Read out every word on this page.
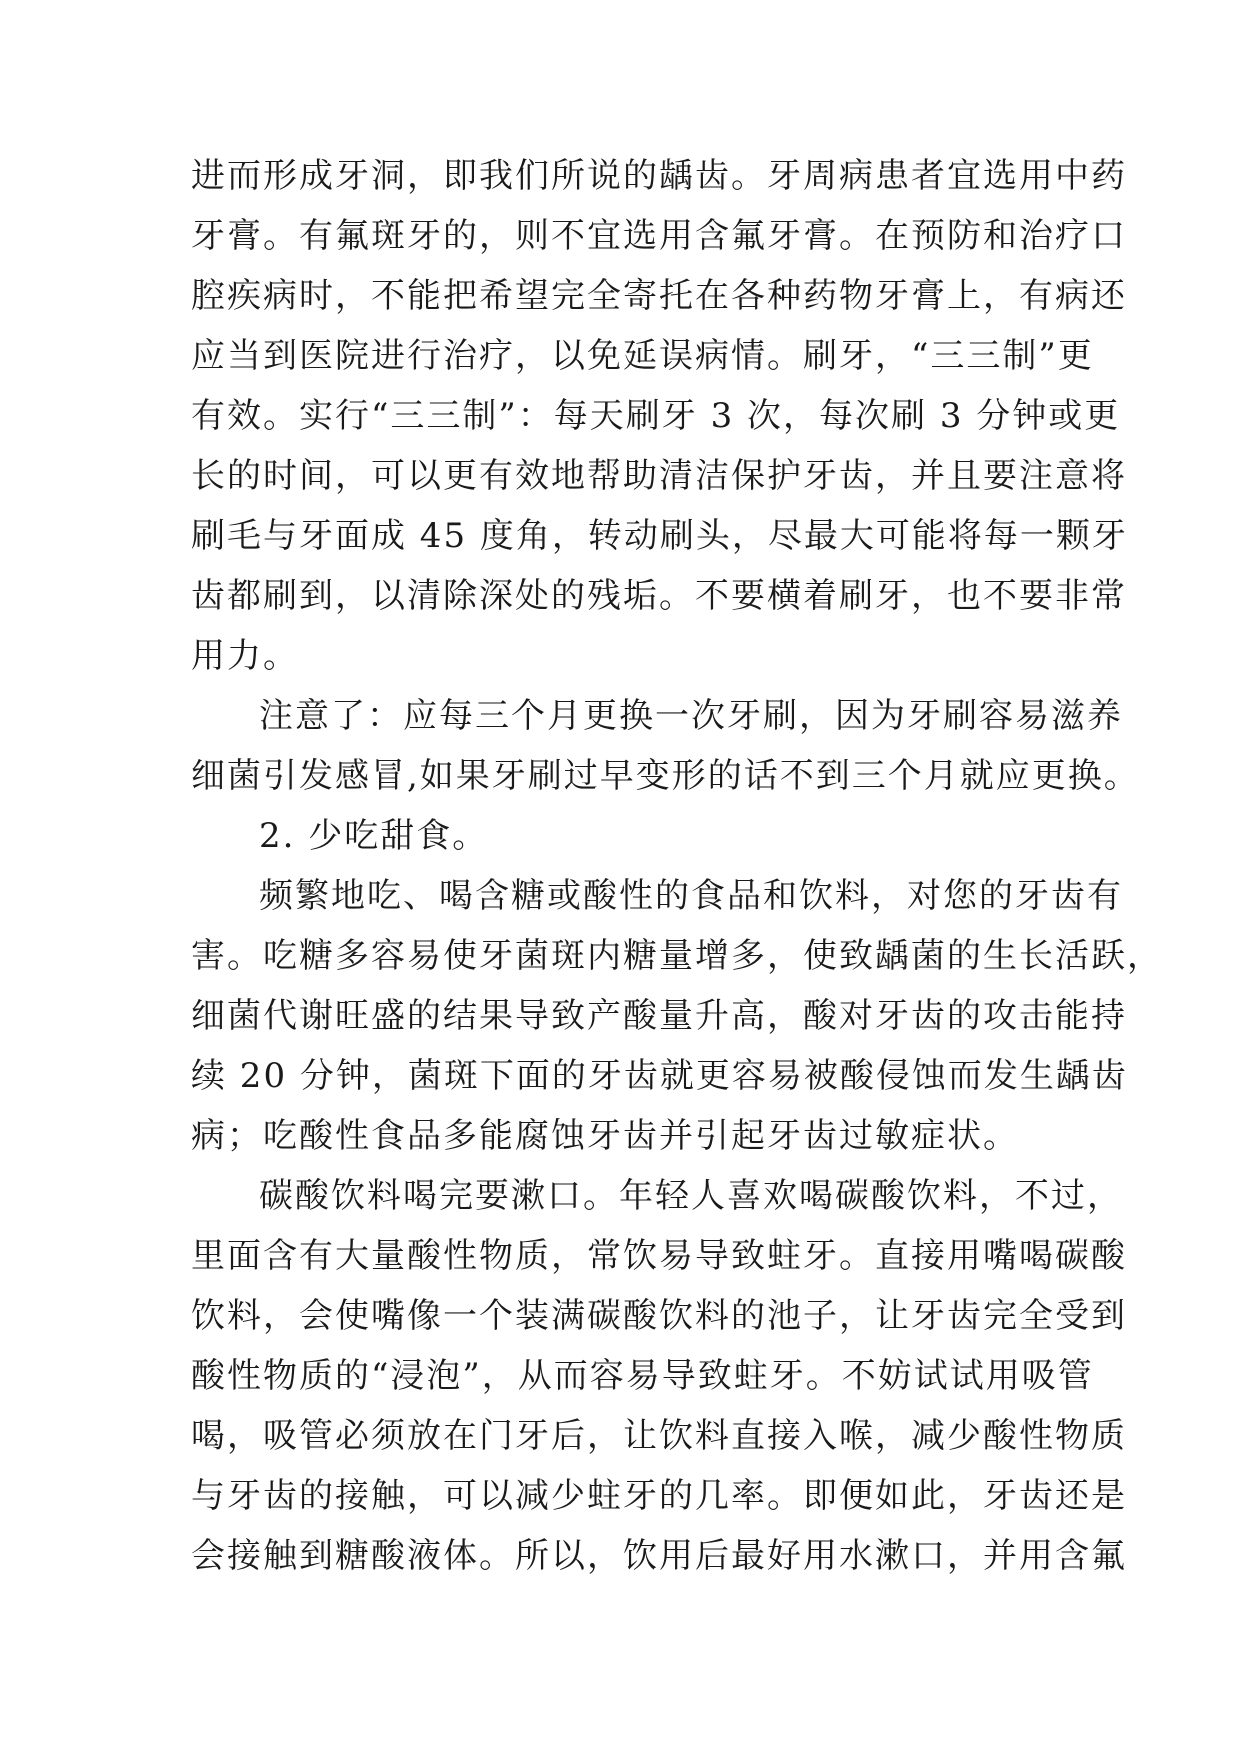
进而形成牙洞，即我们所说的龋齿。牙周病患者宜选用中药
牙膏。有氟斑牙的，则不宜选用含氟牙膏。在预防和治疗口
腔疾病时，不能把希望完全寄托在各种药物牙膏上，有病还
应当到医院进行治疗，以免延误病情。刷牙，“三三制”更
有效。实行“三三制”：每天刷牙 3 次，每次刷 3 分钟或更
长的时间，可以更有效地帮助清洁保护牙齿，并且要注意将
刷毛与牙面成 45 度角，转动刷头，尽最大可能将每一颗牙
齿都刷到，以清除深处的残垢。不要横着刷牙，也不要非常
用力。
注意了：应每三个月更换一次牙刷，因为牙刷容易滋养
细菌引发感冒,如果牙刷过早变形的话不到三个月就应更换。
2. 少吃甜食。
频繁地吃、喝含糖或酸性的食品和饮料，对您的牙齿有
害。吃糖多容易使牙菌斑内糖量增多，使致龋菌的生长活跃，
细菌代谢旺盛的结果导致产酸量升高，酸对牙齿的攻击能持
续 20 分钟，菌斑下面的牙齿就更容易被酸侵蚀而发生龋齿
病；吃酸性食品多能腐蚀牙齿并引起牙齿过敏症状。
碳酸饮料喝完要漱口。年轻人喜欢喝碳酸饮料，不过，
里面含有大量酸性物质，常饮易导致蛀牙。直接用嘴喝碳酸
饮料，会使嘴像一个装满碳酸饮料的池子，让牙齿完全受到
酸性物质的“浸泡”，从而容易导致蛀牙。不妨试试用吸管
喝，吸管必须放在门牙后，让饮料直接入喉，减少酸性物质
与牙齿的接触，可以减少蛀牙的几率。即便如此，牙齿还是
会接触到糖酸液体。所以，饮用后最好用水漱口，并用含氟
